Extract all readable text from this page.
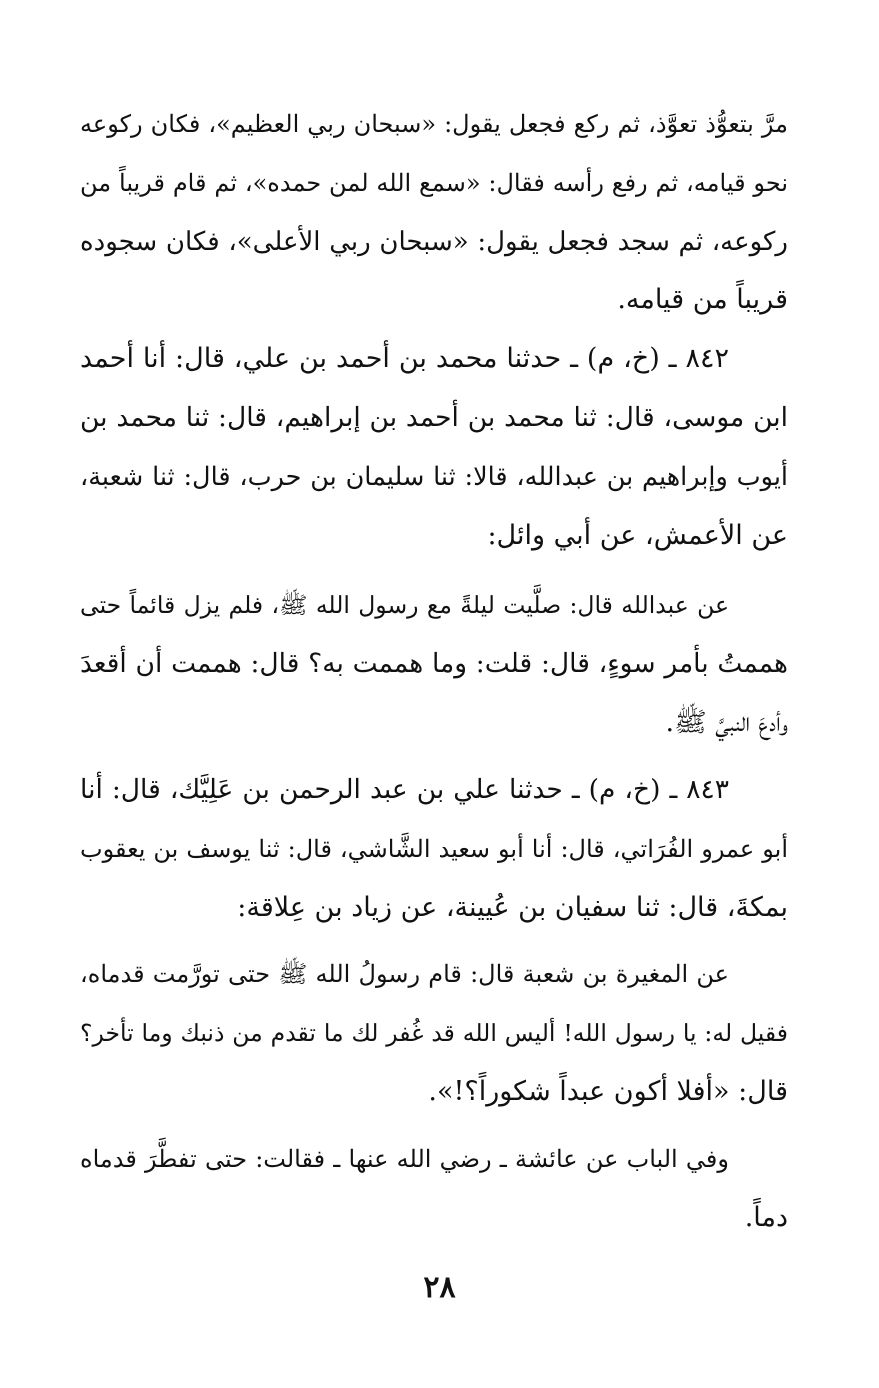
مرَّ بتعوُّذ تعوَّذ، ثم ركع فجعل يقول: «سبحان ربي العظيم»، فكان ركوعه
نحو قيامه، ثم رفع رأسه فقال: «سمع الله لمن حمده»، ثم قام قريباً من
ركوعه، ثم سجد فجعل يقول: «سبحان ربي الأعلى»، فكان سجوده
قريباً من قيامه.
٨٤٢ ـ (خ، م) ـ حدثنا محمد بن أحمد بن علي، قال: أنا أحمد
ابن موسى، قال: ثنا محمد بن أحمد بن إبراهيم، قال: ثنا محمد بن
أيوب وإبراهيم بن عبدالله، قالا: ثنا سليمان بن حرب، قال: ثنا شعبة،
عن الأعمش، عن أبي وائل:
عن عبدالله قال: صلَّيت ليلةً مع رسول الله ﷺ، فلم يزل قائماً حتى
هممتُ بأمر سوءٍ، قال: قلت: وما هممت به؟ قال: هممت أن أقعدَ
وأدعَ النبيَّ ﷺ.
٨٤٣ ـ (خ، م) ـ حدثنا علي بن عبد الرحمن بن عَلِيَّك، قال: أنا
أبو عمرو الفُرَاتي، قال: أنا أبو سعيد الشَّاشي، قال: ثنا يوسف بن يعقوب
بمكةَ، قال: ثنا سفيان بن عُيينة، عن زياد بن عِلاقة:
عن المغيرة بن شعبة قال: قام رسولُ الله ﷺ حتى تورَّمت قدماه،
فقيل له: يا رسول الله! أليس الله قد غُفر لك ما تقدم من ذنبك وما تأخر؟
قال: «أفلا أكون عبداً شكوراً؟!».
وفي الباب عن عائشة ـ رضي الله عنها ـ فقالت: حتى تفطَّرَ قدماه
دماً.
٢٨
